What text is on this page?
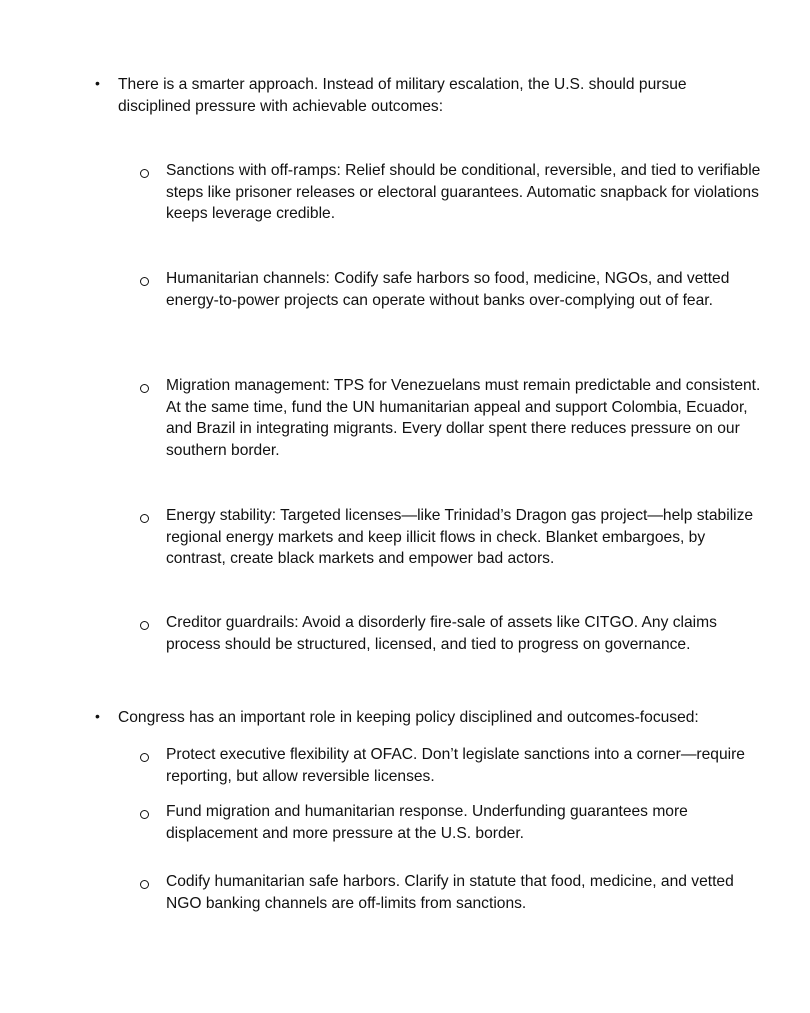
• There is a smarter approach. Instead of military escalation, the U.S. should pursue disciplined pressure with achievable outcomes:
Sanctions with off-ramps: Relief should be conditional, reversible, and tied to verifiable steps like prisoner releases or electoral guarantees. Automatic snapback for violations keeps leverage credible.
Humanitarian channels: Codify safe harbors so food, medicine, NGOs, and vetted energy-to-power projects can operate without banks over-complying out of fear.
Migration management: TPS for Venezuelans must remain predictable and consistent. At the same time, fund the UN humanitarian appeal and support Colombia, Ecuador, and Brazil in integrating migrants. Every dollar spent there reduces pressure on our southern border.
Energy stability: Targeted licenses—like Trinidad’s Dragon gas project—help stabilize regional energy markets and keep illicit flows in check. Blanket embargoes, by contrast, create black markets and empower bad actors.
Creditor guardrails: Avoid a disorderly fire-sale of assets like CITGO. Any claims process should be structured, licensed, and tied to progress on governance.
• Congress has an important role in keeping policy disciplined and outcomes-focused:
Protect executive flexibility at OFAC. Don’t legislate sanctions into a corner—require reporting, but allow reversible licenses.
Fund migration and humanitarian response. Underfunding guarantees more displacement and more pressure at the U.S. border.
Codify humanitarian safe harbors. Clarify in statute that food, medicine, and vetted NGO banking channels are off-limits from sanctions.
